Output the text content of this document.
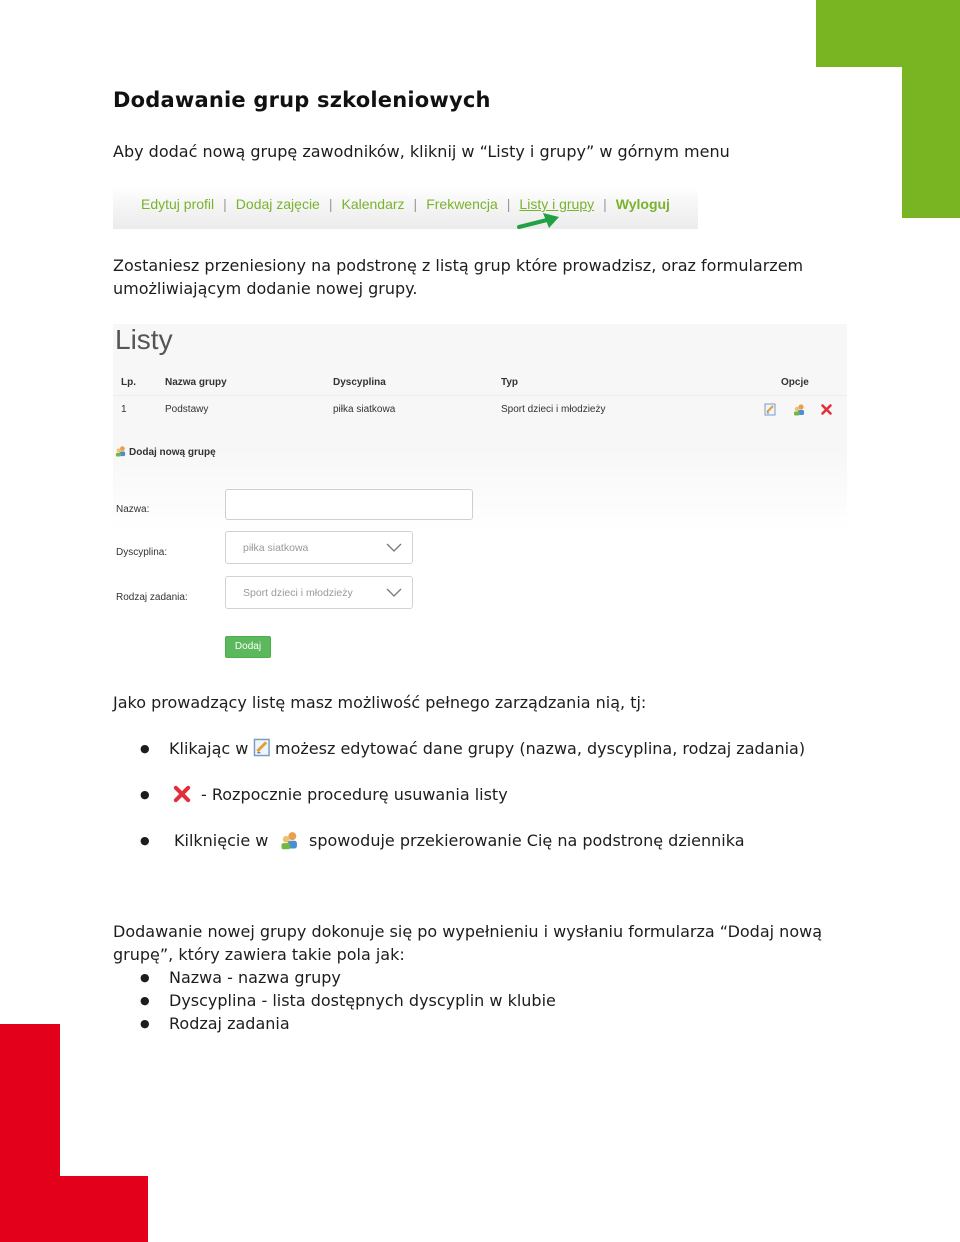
Dodawanie grup szkoleniowych
Aby dodać nową grupę zawodników, kliknij w “Listy i grupy” w górnym menu
Edytuj profil | Dodaj zajęcie | Kalendarz | Frekwencja | Listy i grupy | Wyloguj
Zostaniesz przeniesiony na podstronę z listą grup które prowadzisz, oraz formularzem
umożliwiającym dodanie nowej grupy.
Listy
Lp.	Nazwa grupy	Dyscyplina	Typ	Opcje
1	Podstawy	piłka siatkowa	Sport dzieci i młodzieży
Dodaj nową grupę
Nazwa:
Dyscyplina:	piłka siatkowa
Rodzaj zadania:	Sport dzieci i młodzieży
Dodaj
Jako prowadzący listę masz możliwość pełnego zarządzania nią, tj:
● Klikając w możesz edytować dane grupy (nazwa, dyscyplina, rodzaj zadania)
●	- Rozpocznie procedurę usuwania listy
● Kilknięcie w	spowoduje przekierowanie Cię na podstronę dziennika
Dodawanie nowej grupy dokonuje się po wypełnieniu i wysłaniu formularza “Dodaj nową
grupę”, który zawiera takie pola jak:
● Nazwa - nazwa grupy
● Dyscyplina - lista dostępnych dyscyplin w klubie
● Rodzaj zadania
